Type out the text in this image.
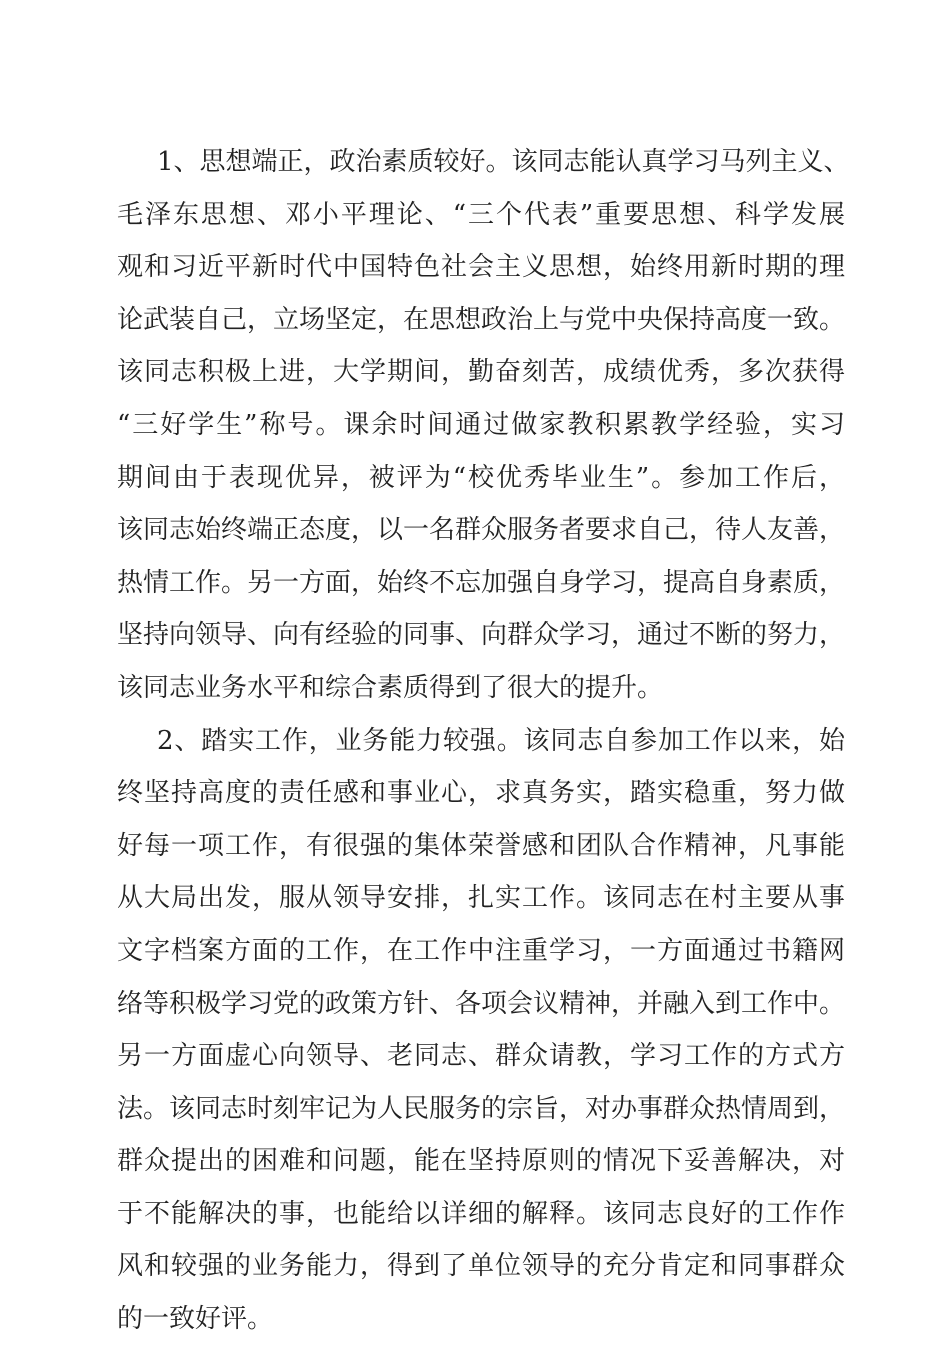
1、思想端正，政治素质较好。该同志能认真学习马列主义、
毛泽东思想、邓小平理论、“三个代表”重要思想、科学发展
观和习近平新时代中国特色社会主义思想，始终用新时期的理
论武装自己，立场坚定，在思想政治上与党中央保持高度一致。
该同志积极上进，大学期间，勤奋刻苦，成绩优秀，多次获得
“三好学生”称号。课余时间通过做家教积累教学经验，实习
期间由于表现优异，被评为“校优秀毕业生”。参加工作后，
该同志始终端正态度，以一名群众服务者要求自己，待人友善，
热情工作。另一方面，始终不忘加强自身学习，提高自身素质，
坚持向领导、向有经验的同事、向群众学习，通过不断的努力，
该同志业务水平和综合素质得到了很大的提升。
2、踏实工作，业务能力较强。该同志自参加工作以来，始
终坚持高度的责任感和事业心，求真务实，踏实稳重，努力做
好每一项工作，有很强的集体荣誉感和团队合作精神，凡事能
从大局出发，服从领导安排，扎实工作。该同志在村主要从事
文字档案方面的工作，在工作中注重学习，一方面通过书籍网
络等积极学习党的政策方针、各项会议精神，并融入到工作中。
另一方面虚心向领导、老同志、群众请教，学习工作的方式方
法。该同志时刻牢记为人民服务的宗旨，对办事群众热情周到，
群众提出的困难和问题，能在坚持原则的情况下妥善解决，对
于不能解决的事，也能给以详细的解释。该同志良好的工作作
风和较强的业务能力，得到了单位领导的充分肯定和同事群众
的一致好评。
